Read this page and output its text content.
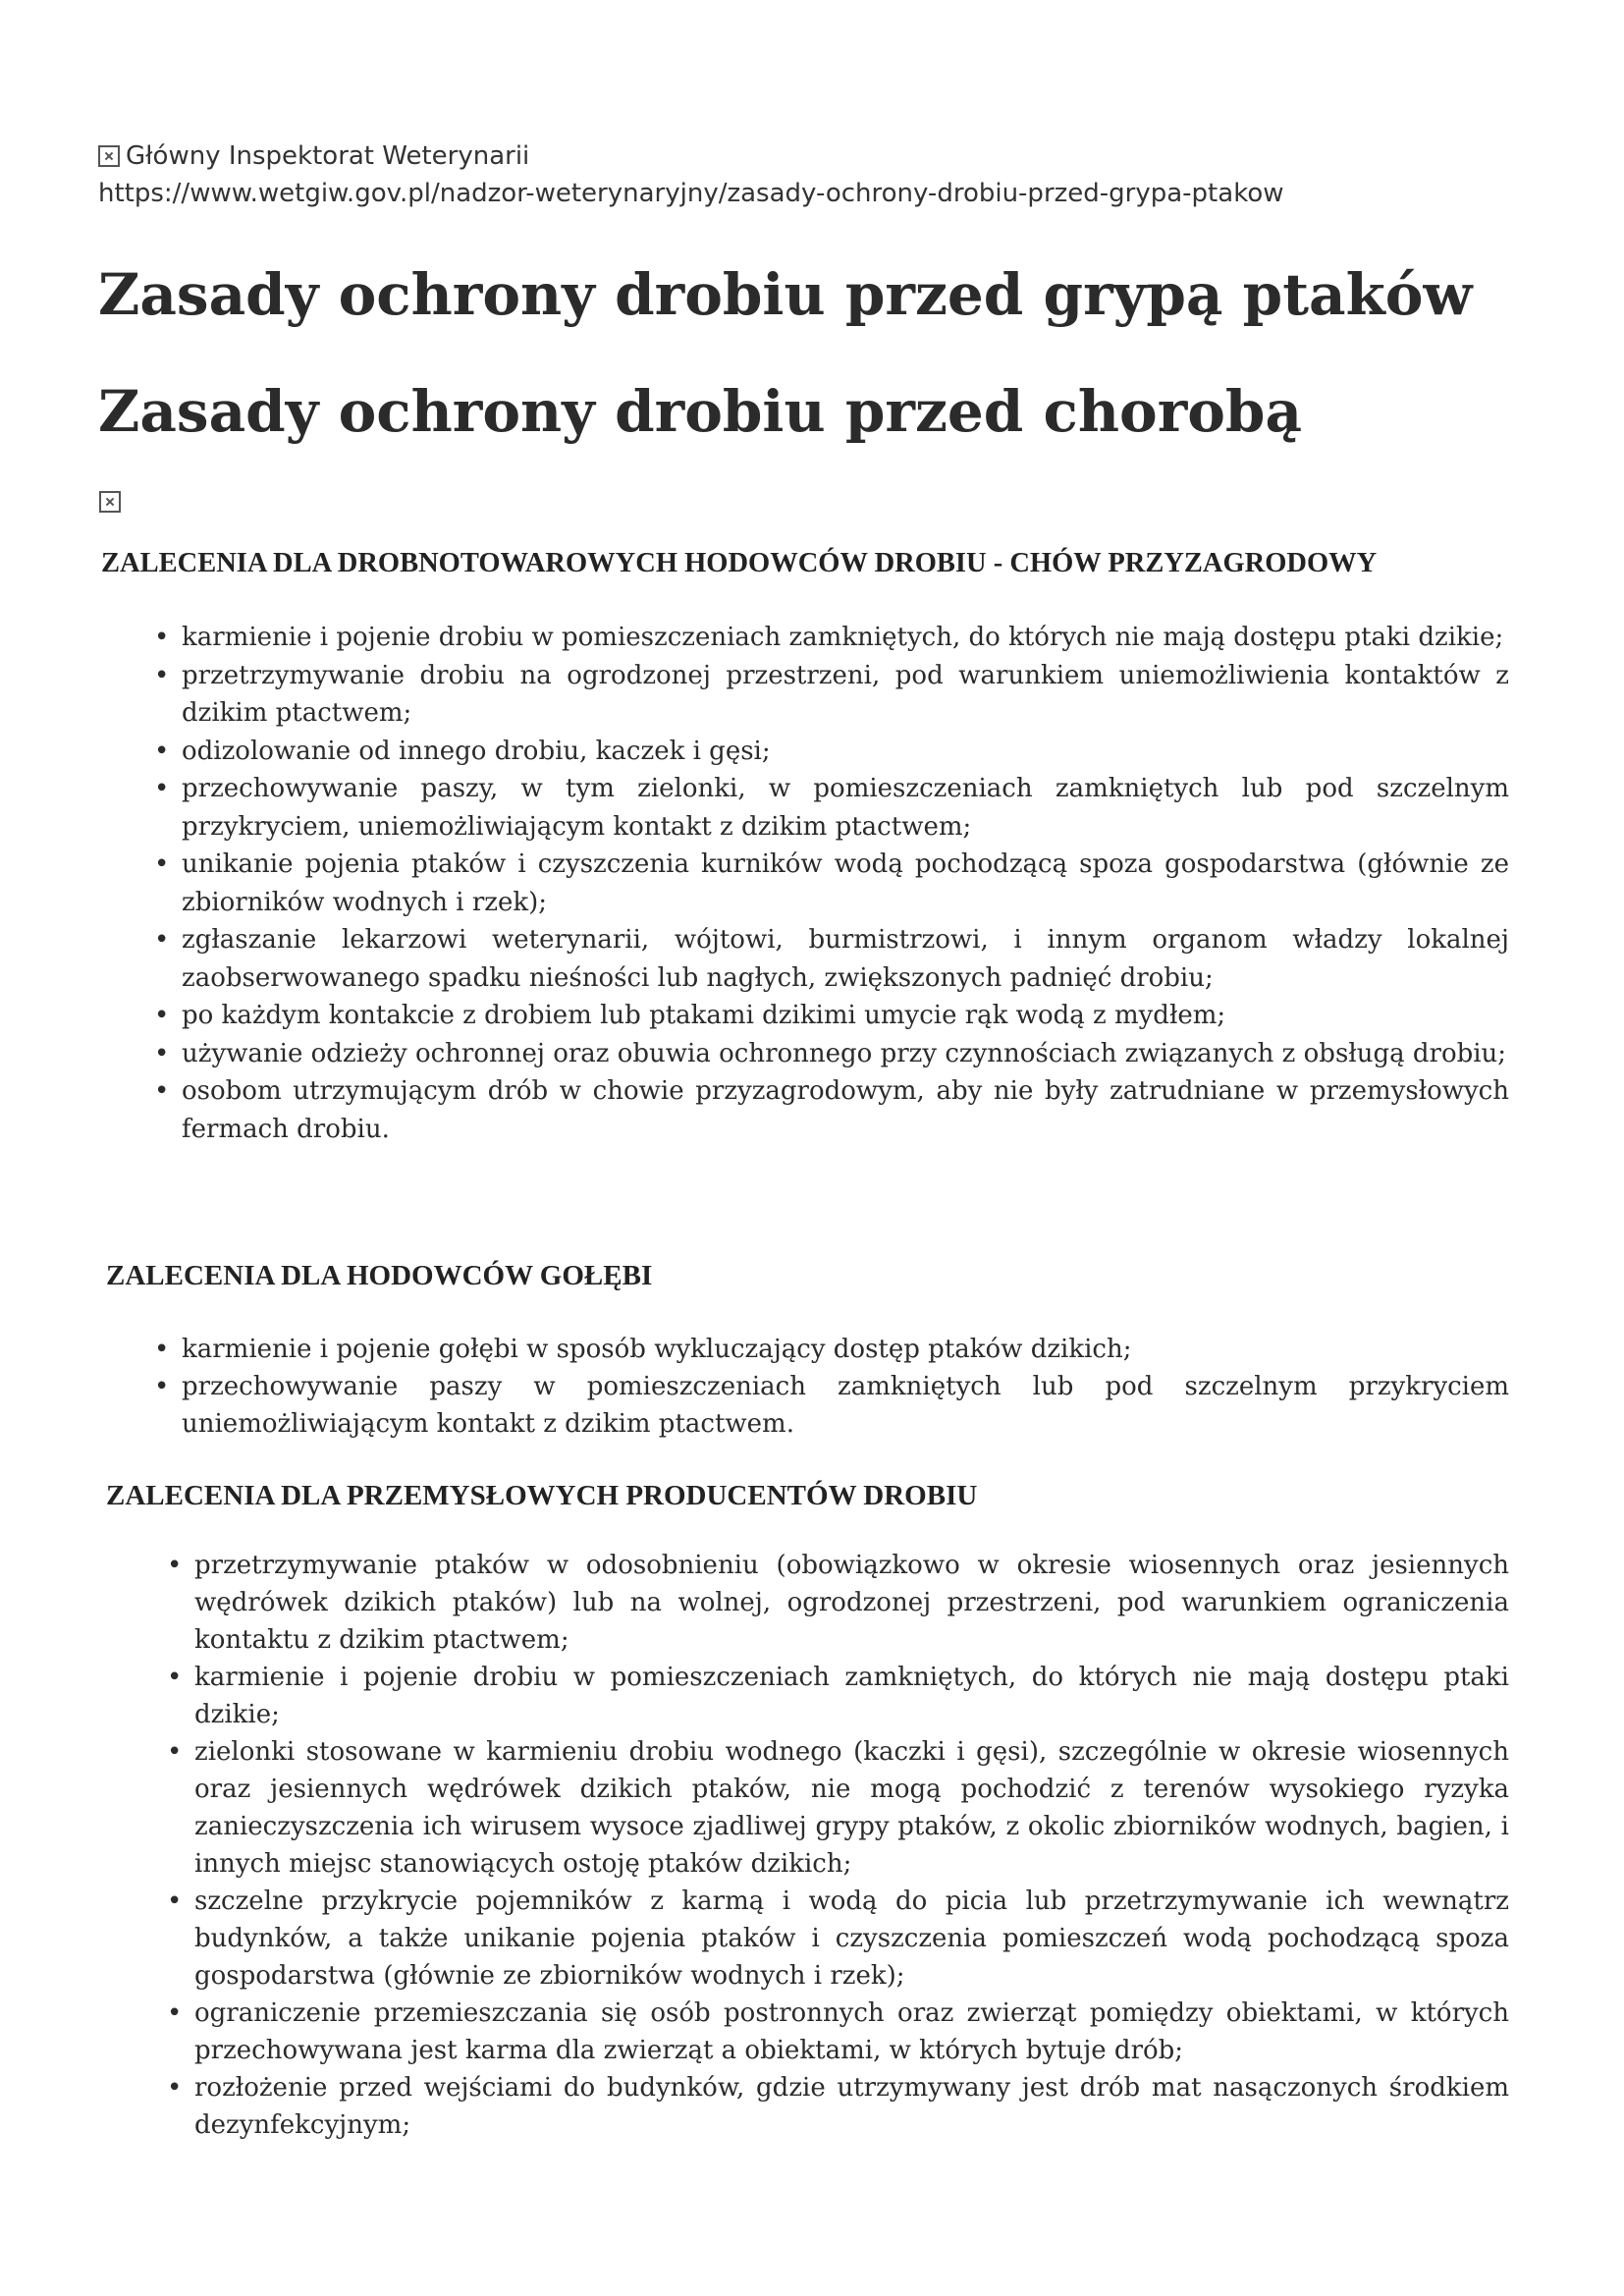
Główny Inspektorat Weterynarii
https://www.wetgiw.gov.pl/nadzor-weterynaryjny/zasady-ochrony-drobiu-przed-grypa-ptakow
Zasady ochrony drobiu przed grypą ptaków
Zasady ochrony drobiu przed chorobą
ZALECENIA DLA DROBNOTOWAROWYCH HODOWCÓW DROBIU - CHÓW PRZYZAGRODOWY
• karmienie i pojenie drobiu w pomieszczeniach zamkniętych, do których nie mają dostępu ptaki dzikie;
• przetrzymywanie drobiu na ogrodzonej przestrzeni, pod warunkiem uniemożliwienia kontaktów z dzikim ptactwem;
• odizolowanie od innego drobiu, kaczek i gęsi;
• przechowywanie paszy, w tym zielonki, w pomieszczeniach zamkniętych lub pod szczelnym przykryciem, uniemożliwiającym kontakt z dzikim ptactwem;
• unikanie pojenia ptaków i czyszczenia kurników wodą pochodzącą spoza gospodarstwa (głównie ze zbiorników wodnych i rzek);
• zgłaszanie lekarzowi weterynarii, wójtowi, burmistrzowi, i innym organom władzy lokalnej zaobserwowanego spadku nieśności lub nagłych, zwiększonych padnięć drobiu;
• po każdym kontakcie z drobiem lub ptakami dzikimi umycie rąk wodą z mydłem;
• używanie odzieży ochronnej oraz obuwia ochronnego przy czynnościach związanych z obsługą drobiu;
• osobom utrzymującym drób w chowie przyzagrodowym, aby nie były zatrudniane w przemysłowych fermach drobiu.
ZALECENIA DLA HODOWCÓW GOŁĘBI
• karmienie i pojenie gołębi w sposób wykluczający dostęp ptaków dzikich;
• przechowywanie paszy w pomieszczeniach zamkniętych lub pod szczelnym przykryciem uniemożliwiającym kontakt z dzikim ptactwem.
ZALECENIA DLA PRZEMYSŁOWYCH PRODUCENTÓW DROBIU
• przetrzymywanie ptaków w odosobnieniu (obowiązkowo w okresie wiosennych oraz jesiennych wędrówek dzikich ptaków) lub na wolnej, ogrodzonej przestrzeni, pod warunkiem ograniczenia kontaktu z dzikim ptactwem;
• karmienie i pojenie drobiu w pomieszczeniach zamkniętych, do których nie mają dostępu ptaki dzikie;
• zielonki stosowane w karmieniu drobiu wodnego (kaczki i gęsi), szczególnie w okresie wiosennych oraz jesiennych wędrówek dzikich ptaków, nie mogą pochodzić z terenów wysokiego ryzyka zanieczyszczenia ich wirusem wysoce zjadliwej grypy ptaków, z okolic zbiorników wodnych, bagien, i innych miejsc stanowiących ostoję ptaków dzikich;
• szczelne przykrycie pojemników z karmą i wodą do picia lub przetrzymywanie ich wewnątrz budynków, a także unikanie pojenia ptaków i czyszczenia pomieszczeń wodą pochodzącą spoza gospodarstwa (głównie ze zbiorników wodnych i rzek);
• ograniczenie przemieszczania się osób postronnych oraz zwierząt pomiędzy obiektami, w których przechowywana jest karma dla zwierząt a obiektami, w których bytuje drób;
• rozłożenie przed wejściami do budynków, gdzie utrzymywany jest drób mat nasączonych środkiem dezynfekcyjnym;
